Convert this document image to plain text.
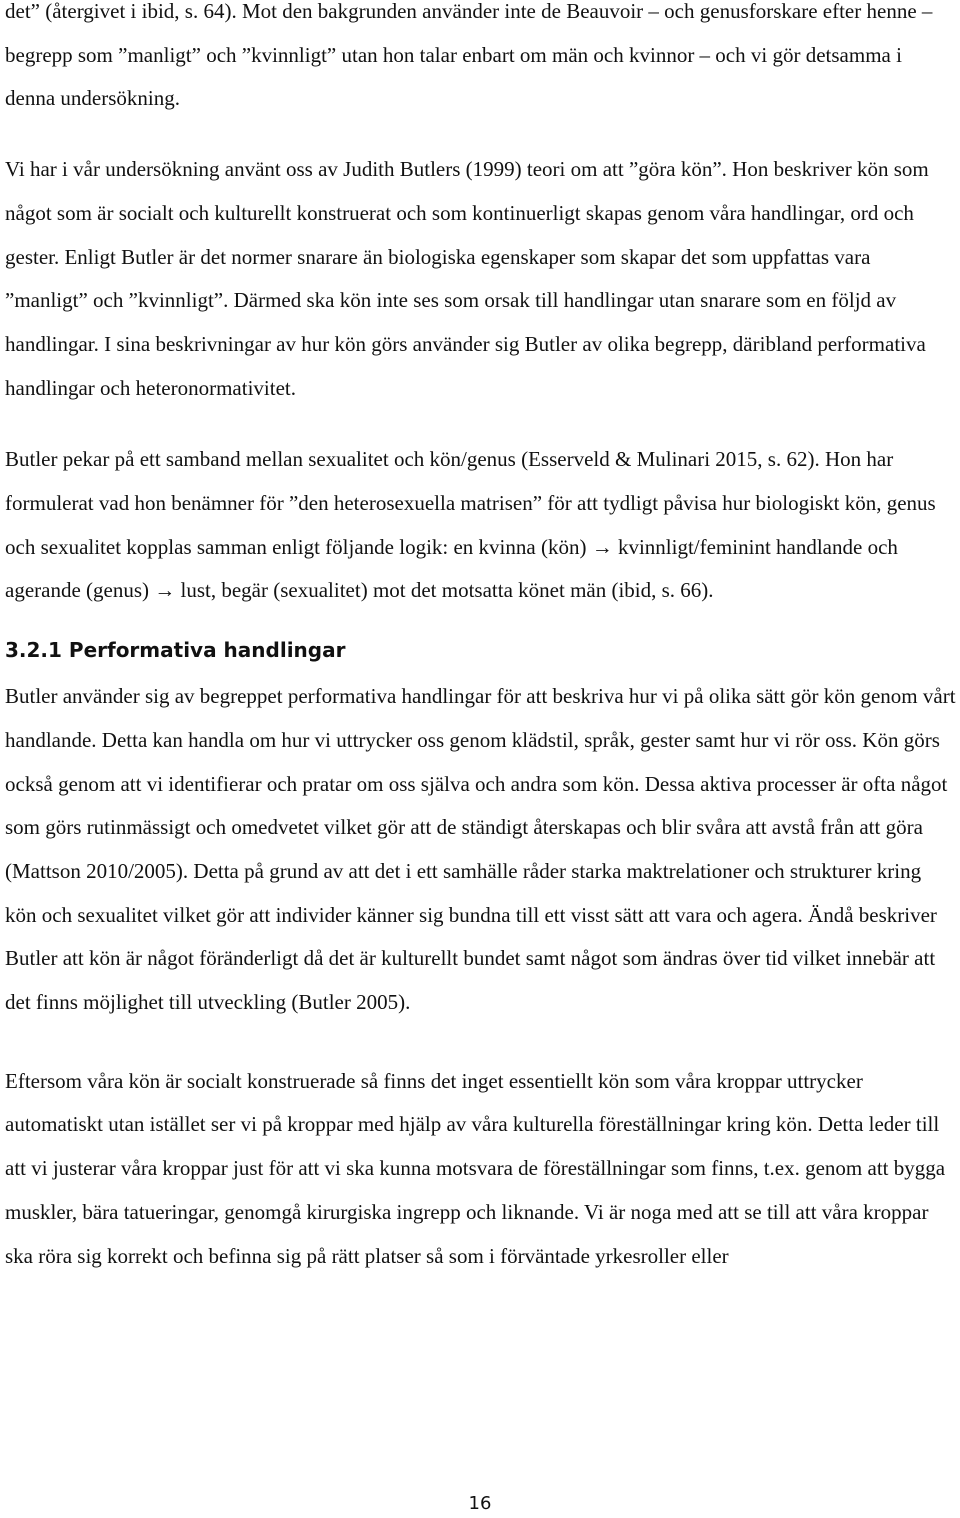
det” (återgivet i ibid, s. 64). Mot den bakgrunden använder inte de Beauvoir – och genusforskare efter henne – begrepp som ”manligt” och ”kvinnligt” utan hon talar enbart om män och kvinnor – och vi gör detsamma i denna undersökning.

Vi har i vår undersökning använt oss av Judith Butlers (1999) teori om att ”göra kön”. Hon beskriver kön som något som är socialt och kulturellt konstruerat och som kontinuerligt skapas genom våra handlingar, ord och gester. Enligt Butler är det normer snarare än biologiska egenskaper som skapar det som uppfattas vara ”manligt” och ”kvinnligt”. Därmed ska kön inte ses som orsak till handlingar utan snarare som en följd av handlingar. I sina beskrivningar av hur kön görs använder sig Butler av olika begrepp, däribland performativa handlingar och heteronormativitet.

Butler pekar på ett samband mellan sexualitet och kön/genus (Esserveld & Mulinari 2015, s. 62). Hon har formulerat vad hon benämner för ”den heterosexuella matrisen” för att tydligt påvisa hur biologiskt kön, genus och sexualitet kopplas samman enligt följande logik: en kvinna (kön) → kvinnligt/feminint handlande och agerande (genus) → lust, begär (sexualitet) mot det motsatta könet män (ibid, s. 66).

3.2.1 Performativa handlingar

Butler använder sig av begreppet performativa handlingar för att beskriva hur vi på olika sätt gör kön genom vårt handlande. Detta kan handla om hur vi uttrycker oss genom klädstil, språk, gester samt hur vi rör oss. Kön görs också genom att vi identifierar och pratar om oss själva och andra som kön. Dessa aktiva processer är ofta något som görs rutinmässigt och omedvetet vilket gör att de ständigt återskapas och blir svåra att avstå från att göra (Mattson 2010/2005). Detta på grund av att det i ett samhälle råder starka maktrelationer och strukturer kring kön och sexualitet vilket gör att individer känner sig bundna till ett visst sätt att vara och agera. Ändå beskriver Butler att kön är något föränderligt då det är kulturellt bundet samt något som ändras över tid vilket innebär att det finns möjlighet till utveckling (Butler 2005).

Eftersom våra kön är socialt konstruerade så finns det inget essentiellt kön som våra kroppar uttrycker automatiskt utan istället ser vi på kroppar med hjälp av våra kulturella föreställningar kring kön. Detta leder till att vi justerar våra kroppar just för att vi ska kunna motsvara de föreställningar som finns, t.ex. genom att bygga muskler, bära tatueringar, genomgå kirurgiska ingrepp och liknande. Vi är noga med att se till att våra kroppar ska röra sig korrekt och befinna sig på rätt platser så som i förväntade yrkesroller eller

16
